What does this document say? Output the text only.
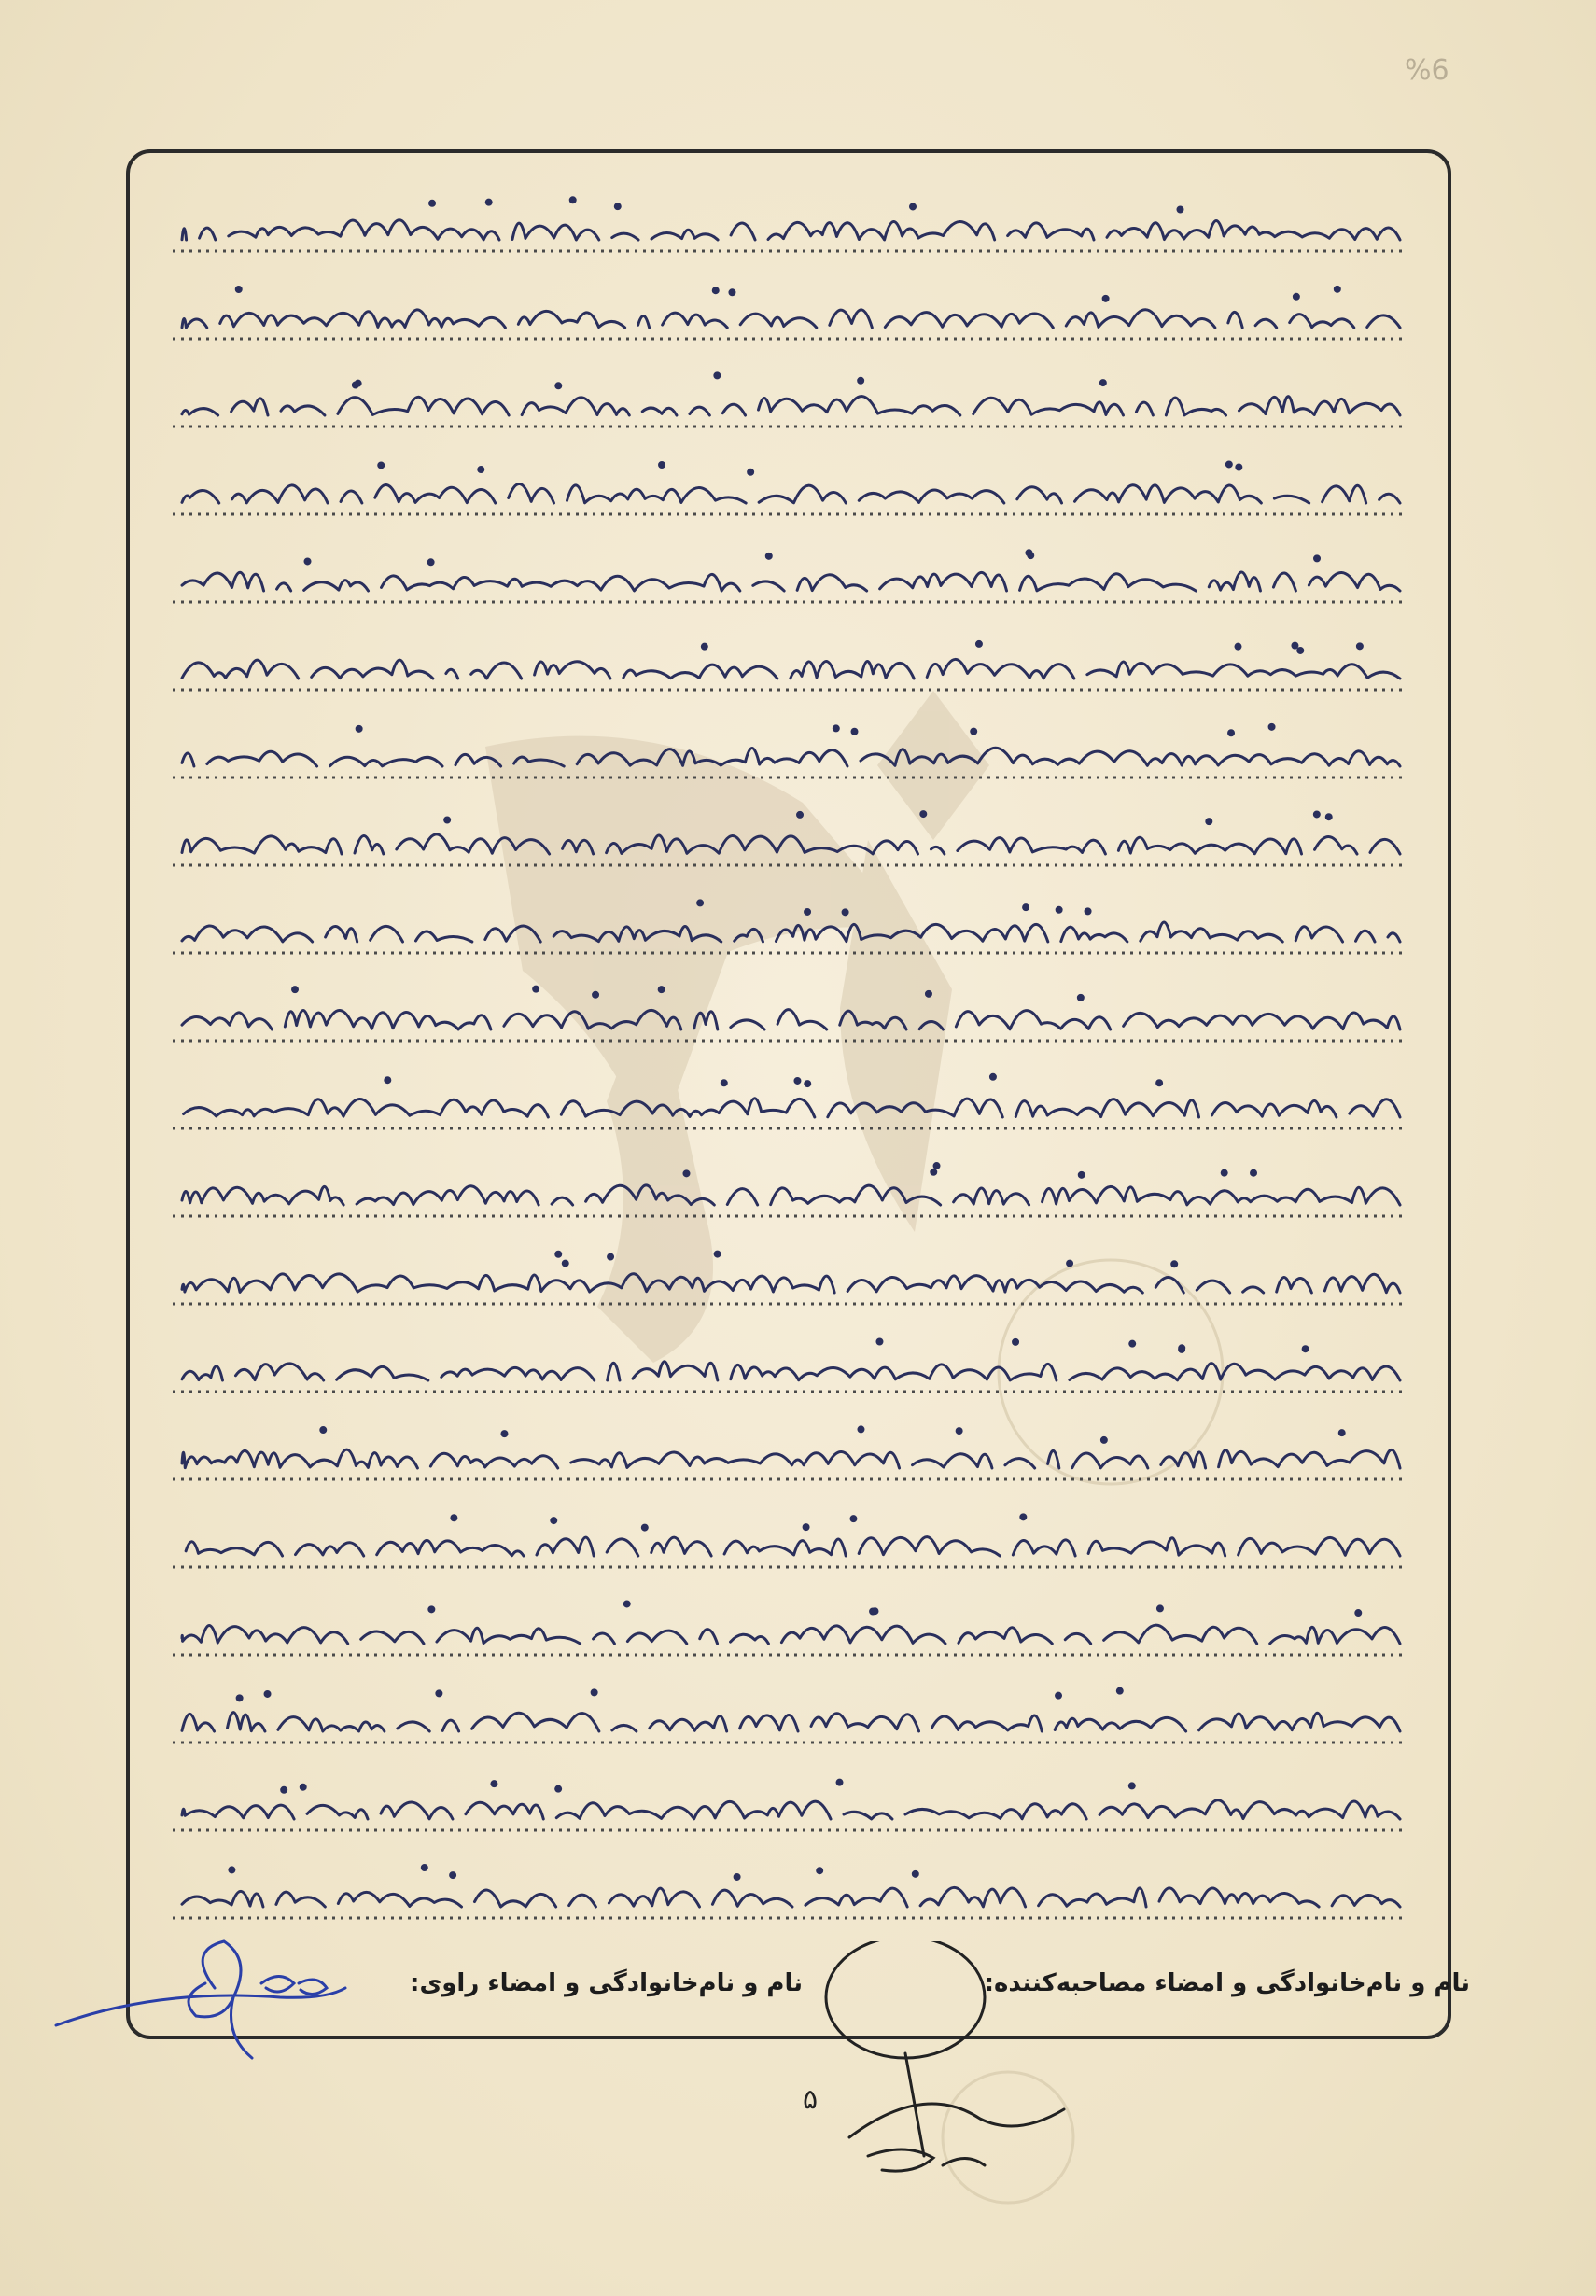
%6
نام و نام‌خانوادگی و امضاء مصاحبه‌کننده:
نام و نام‌خانوادگی و امضاء راوی:
۵
